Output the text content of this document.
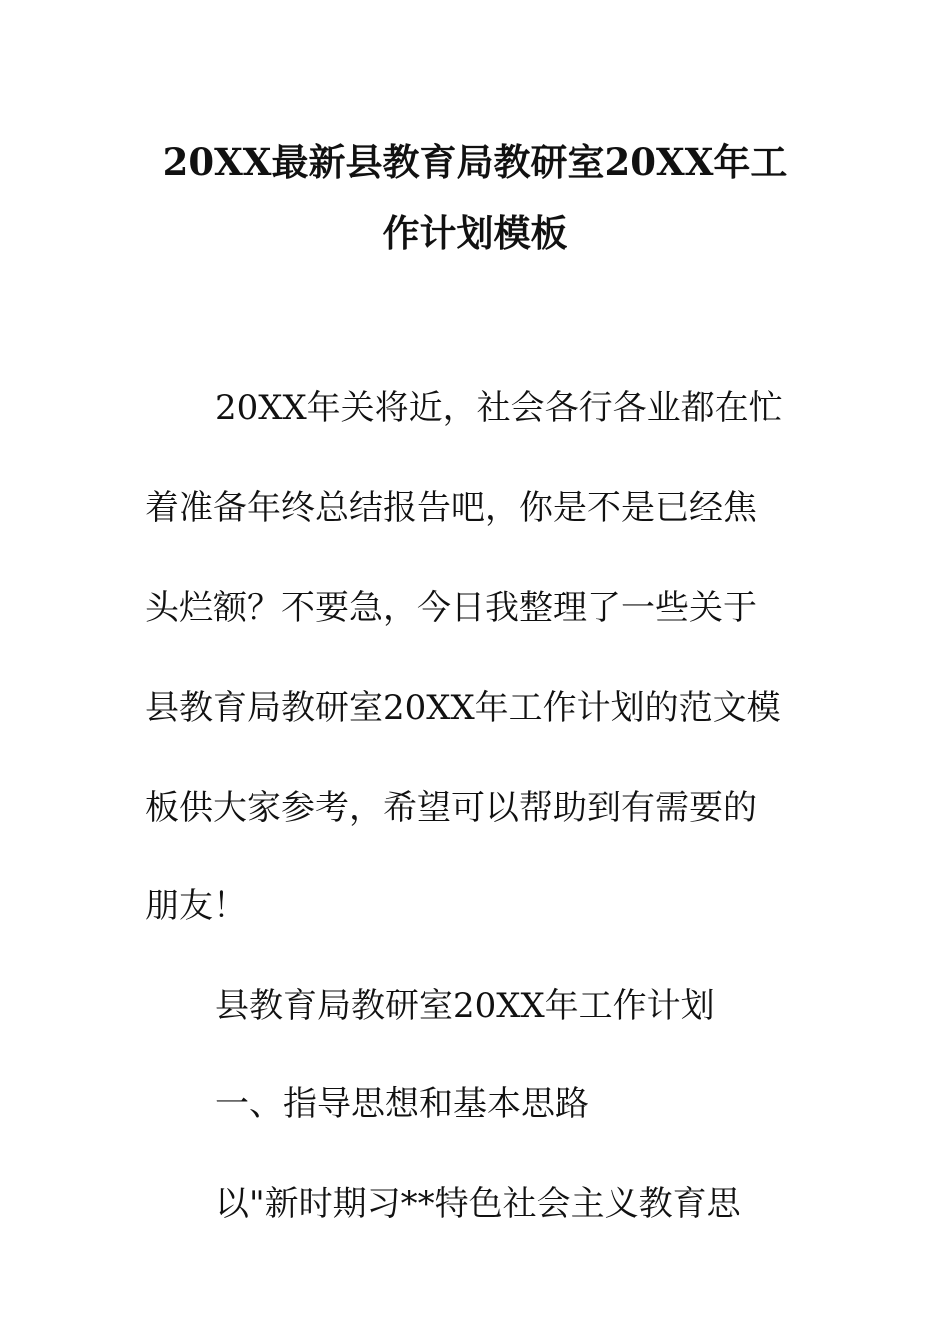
20XX最新县教育局教研室20XX年工
作计划模板
20XX年关将近，社会各行各业都在忙
着准备年终总结报告吧，你是不是已经焦
头烂额？不要急，今日我整理了一些关于
县教育局教研室20XX年工作计划的范文模
板供大家参考，希望可以帮助到有需要的
朋友！
县教育局教研室20XX年工作计划
一、指导思想和基本思路
以"新时期习**特色社会主义教育思
